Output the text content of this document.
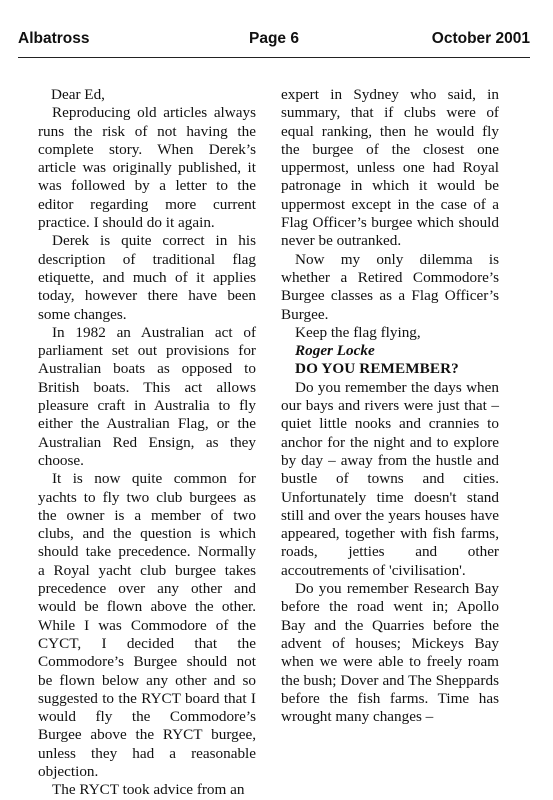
Albatross	Page 6	October 2001

Dear Ed,

Reproducing old articles always runs the risk of not having the complete story. When Derek’s article was originally published, it was followed by a letter to the editor regarding more current practice. I should do it again.

Derek is quite correct in his description of traditional flag etiquette, and much of it applies today, however there have been some changes.

In 1982 an Australian act of parliament set out provisions for Australian boats as opposed to British boats. This act allows pleasure craft in Australia to fly either the Australian Flag, or the Australian Red Ensign, as they choose.

It is now quite common for yachts to fly two club burgees as the owner is a member of two clubs, and the question is which should take precedence. Normally a Royal yacht club burgee takes precedence over any other and would be flown above the other. While I was Commodore of the CYCT, I decided that the Commodore’s Burgee should not be flown below any other and so suggested to the RYCT board that I would fly the Commodore’s Burgee above the RYCT burgee, unless they had a reasonable objection.

The RYCT took advice from an

expert in Sydney who said, in summary, that if clubs were of equal ranking, then he would fly the burgee of the closest one uppermost, unless one had Royal patronage in which it would be uppermost except in the case of a Flag Officer’s burgee which should never be outranked.

Now my only dilemma is whether a Retired Commodore’s Burgee classes as a Flag Officer’s Burgee.

Keep the flag flying,

Roger Locke

DO YOU REMEMBER?

Do you remember the days when our bays and rivers were just that – quiet little nooks and crannies to anchor for the night and to explore by day – away from the hustle and bustle of towns and cities. Unfortunately time doesn't stand still and over the years houses have appeared, together with fish farms, roads, jetties and other accoutrements of 'civilisation'.

Do you remember Research Bay before the road went in; Apollo Bay and the Quarries before the advent of houses; Mickeys Bay when we were able to freely roam the bush; Dover and The Sheppards before the fish farms. Time has wrought many changes –
